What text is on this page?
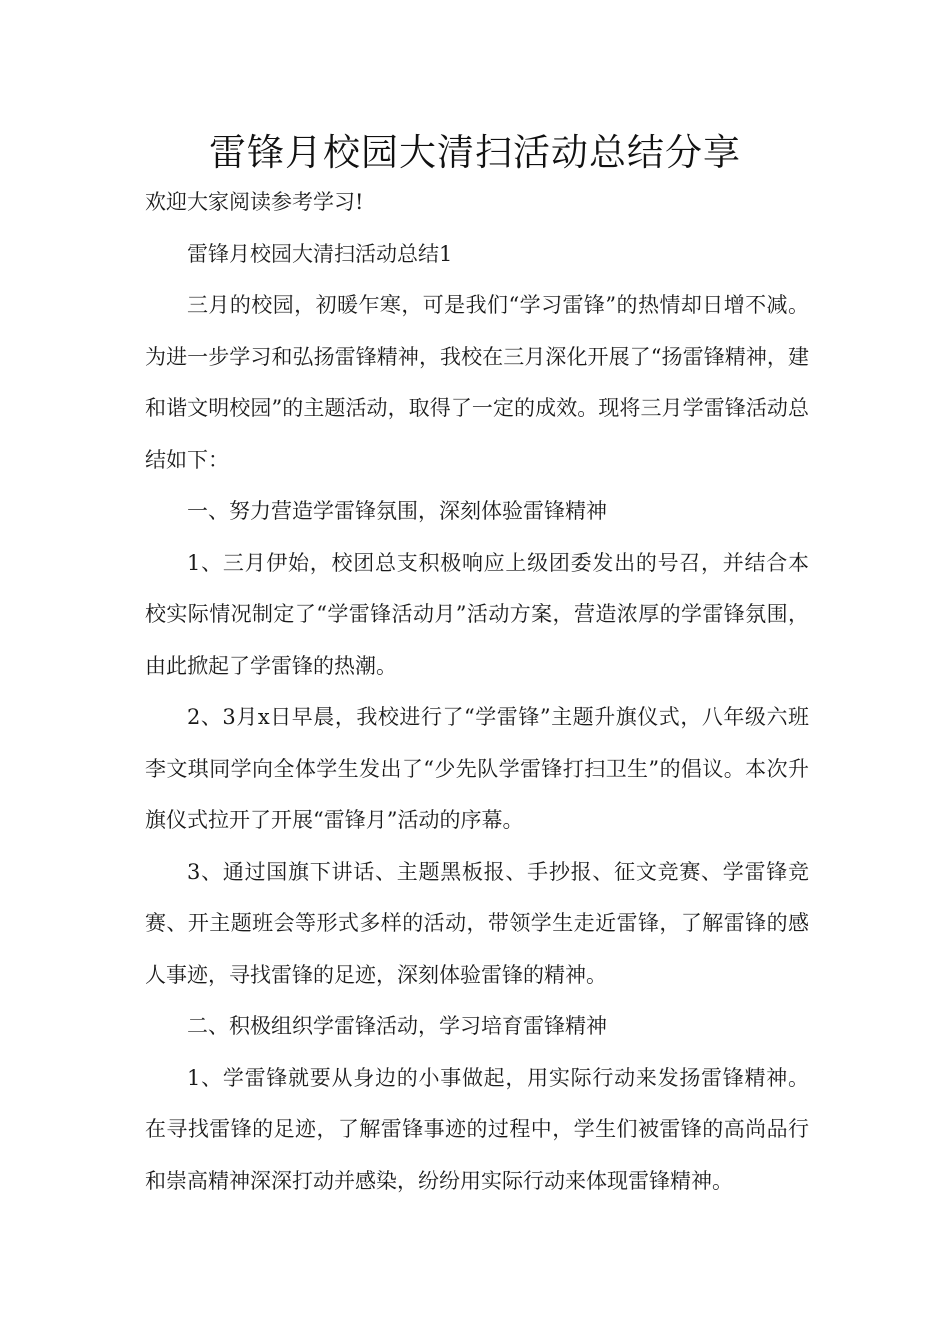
雷锋月校园大清扫活动总结分享

欢迎大家阅读参考学习!

雷锋月校园大清扫活动总结1

三月的校园，初暖乍寒，可是我们“学习雷锋”的热情却日增不减。为进一步学习和弘扬雷锋精神，我校在三月深化开展了“扬雷锋精神，建和谐文明校园”的主题活动，取得了一定的成效。现将三月学雷锋活动总结如下：

一、努力营造学雷锋氛围，深刻体验雷锋精神

1、三月伊始，校团总支积极响应上级团委发出的号召，并结合本校实际情况制定了“学雷锋活动月”活动方案，营造浓厚的学雷锋氛围，由此掀起了学雷锋的热潮。

2、3月x日早晨，我校进行了“学雷锋”主题升旗仪式，八年级六班李文琪同学向全体学生发出了“少先队学雷锋打扫卫生”的倡议。本次升旗仪式拉开了开展“雷锋月”活动的序幕。

3、通过国旗下讲话、主题黑板报、手抄报、征文竞赛、学雷锋竞赛、开主题班会等形式多样的活动，带领学生走近雷锋，了解雷锋的感人事迹，寻找雷锋的足迹，深刻体验雷锋的精神。

二、积极组织学雷锋活动，学习培育雷锋精神

1、学雷锋就要从身边的小事做起，用实际行动来发扬雷锋精神。在寻找雷锋的足迹，了解雷锋事迹的过程中，学生们被雷锋的高尚品行和崇高精神深深打动并感染，纷纷用实际行动来体现雷锋精神。
